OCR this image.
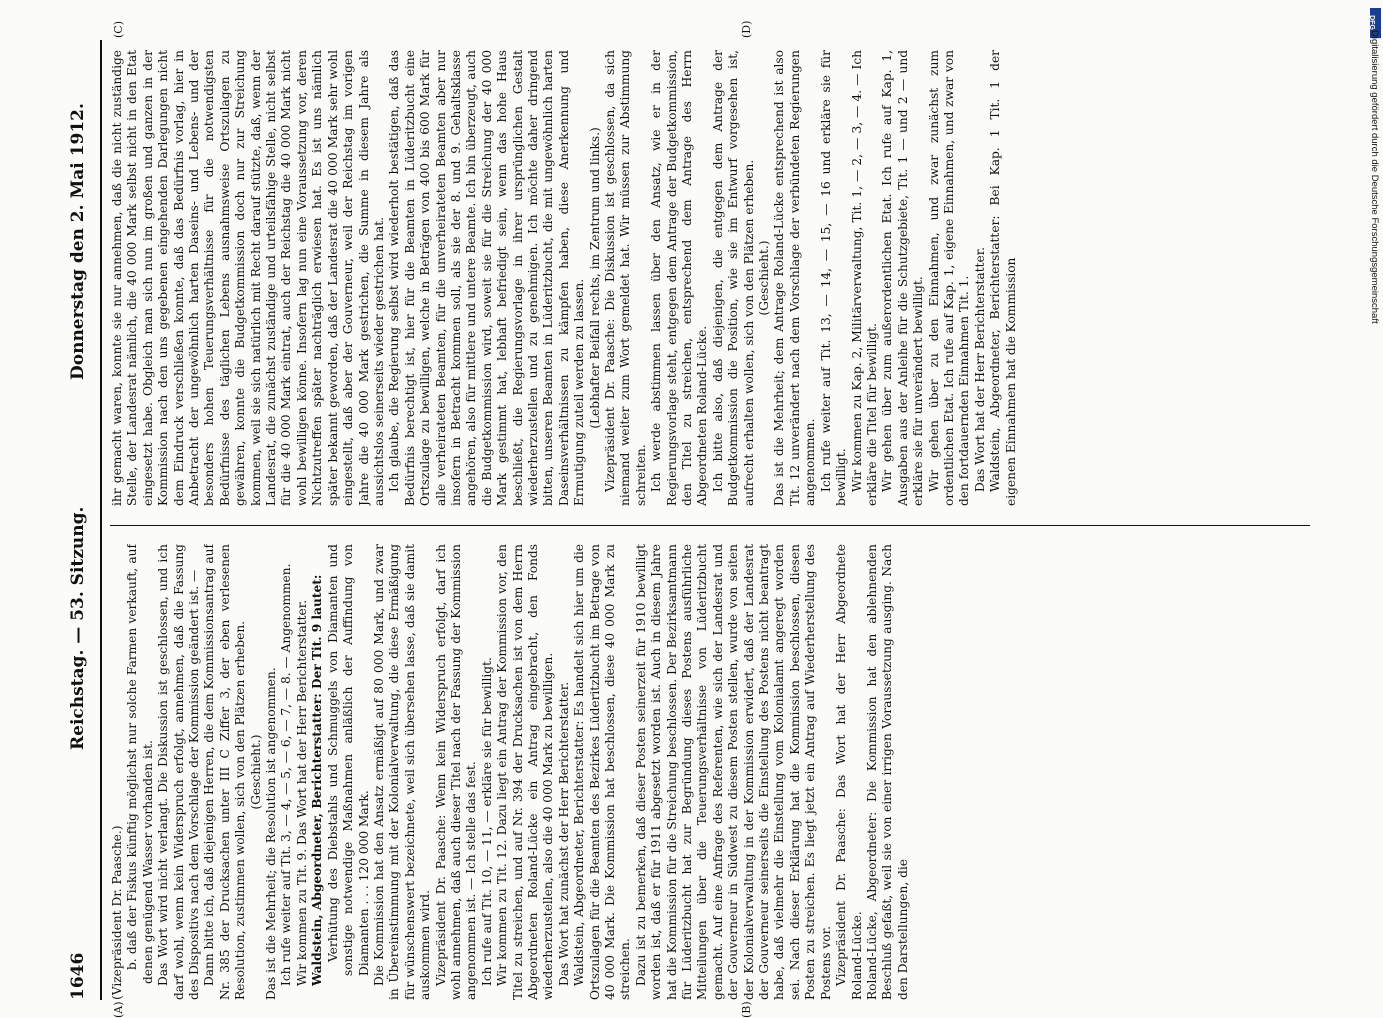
1646
Reichstag. — 53. Sitzung.
Donnerstag den 2. Mai 1912.

(Vizepräsident Dr. Paasche.) b. daß der Fiskus künftig möglichst nur solche Farmen verkauft, auf denen genügend Wasser vorhanden ist. Das Wort wird nicht verlangt. Die Diskussion ist geschlossen, und ich darf wohl, wenn kein Widerspruch erfolgt, annehmen, daß die Fassung des Dispositivs nach dem Vorschlage der Kommission geändert ist. — Dann bitte ich, daß diejenigen Herren, die dem Kommissionsantrag auf Nr. 385 der Drucksachen unter III C Ziffer 3, der eben verlesenen Resolution, zustimmen wollen, sich von den Plätzen erheben. (Geschieht.) Das ist die Mehrheit; die Resolution ist angenommen. Ich rufe weiter auf Tit. 3, — 4, — 5, — 6, — 7, — 8. — Angenommen. Wir kommen zu Tit. 9. Das Wort hat der Herr Berichterstatter. Waldstein, Abgeordneter, Berichterstatter: Der Tit. 9 lautet: Verhütung des Diebstahls und Schmuggels von Diamanten und sonstige notwendige Maßnahmen anläßlich der Auffindung von Diamanten . . . 120 000 Mark. Die Kommission hat den Ansatz ermäßigt auf 80 000 Mark, und zwar in Übereinstimmung mit der Kolonialverwaltung, die diese Ermäßigung für wünschenswert bezeichnete, weil sich übersehen lasse, daß sie damit auskommen wird. Vizepräsident Dr. Paasche: Wenn kein Widerspruch erfolgt, darf ich wohl annehmen, daß auch dieser Titel nach der Fassung der Kommission angenommen ist. — Ich stelle das fest. Ich rufe auf Tit. 10, — 11, — erkläre sie für bewilligt. Wir kommen zu Tit. 12. Dazu liegt ein Antrag der Kommission vor, den Titel zu streichen, und auf Nr. 394 der Drucksachen ist von dem Herrn Abgeordneten Roland-Lücke ein Antrag eingebracht, den Fonds wiederherzustellen, also die 40 000 Mark zu bewilligen. Das Wort hat zunächst der Herr Berichterstatter. Waldstein, Abgeordneter, Berichterstatter: Es handelt sich hier um die Ortszulagen für die Beamten des Bezirkes Lüderitzbucht im Betrage von 40 000 Mark. Die Kommission hat beschlossen, diese 40 000 Mark zu streichen. Dazu ist zu bemerken, daß dieser Posten seinerzeit für 1910 bewilligt worden ist, daß er für 1911 abgesetzt worden ist. Auch in diesem Jahre hat die Kommission für die Streichung beschlossen. Der Bezirksamtmann für Lüderitzbucht hat zur Begründung dieses Postens ausführliche Mitteilungen über die Teuerungsverhältnisse von Lüderitzbucht gemacht. Auf eine Anfrage des Referenten, wie sich der Landesrat und der Gouverneur in Südwest zu diesem Posten stellen, wurde von seiten der Kolonialverwaltung in der Kommission erwidert, daß der Landesrat der Gouverneur seinerseits die Einstellung des Postens nicht beantragt habe, daß vielmehr die Einstellung vom Kolonialamt angeregt worden sei. Nach dieser Erklärung hat die Kommission beschlossen, diesen Posten zu streichen. Es liegt jetzt ein Antrag auf Wiederherstellung des Postens vor. Vizepräsident Dr. Paasche: Das Wort hat der Herr Abgeordnete Roland-Lücke. Roland-Lücke, Abgeordneter: Die Kommission hat den ablehnenden Beschluß gefaßt, weil sie von einer irrigen Voraussetzung ausging. Nach den Darstellungen, die

ihr gemacht waren, konnte sie nur annehmen, daß die nicht zuständige Stelle, der Landesrat nämlich, die 40 000 Mark selbst nicht in den Etat eingesetzt habe. Obgleich man sich nun im großen und ganzen in der Kommission nach den uns gegebenen eingehenden Darlegungen nicht dem Eindruck verschließen konnte, daß das Bedürfnis vorlag, hier in Anbetracht der ungewöhnlich harten Daseins- und Lebens- und der besonders hohen Teuerungsverhältnisse für die notwendigsten Bedürfnisse des täglichen Lebens ausnahmsweise Ortszulagen zu gewähren, konnte die Budgetkommission doch nur zur Streichung kommen, weil sie sich natürlich mit Recht darauf stützte, daß, wenn der Landesrat, die zunächst zuständige und urteilsfähige Stelle, nicht selbst für die 40 000 Mark eintrat, auch der Reichstag die 40 000 Mark nicht wohl bewilligen könne. Insofern lag nun eine Voraussetzung vor, deren Nichtzutreffen später nachträglich erwiesen hat. Es ist uns nämlich später bekannt geworden, daß der Landesrat die 40 000 Mark sehr wohl eingestellt, daß aber der Gouverneur, weil der Reichstag im vorigen Jahre die 40 000 Mark gestrichen, die Summe in diesem Jahre als aussichtslos seinerseits wieder gestrichen hat. Ich glaube, die Regierung selbst wird wiederholt bestätigen, daß das Bedürfnis berechtigt ist, hier für die Beamten in Lüderitzbucht eine Ortszulage zu bewilligen, welche in Beträgen von 400 bis 600 Mark für alle verheirateten Beamten, für die unverheirateten Beamten aber nur insofern in Betracht kommen soll, als sie der 8. und 9. Gehaltsklasse angehören, also für mittlere und untere Beamte. Ich bin überzeugt, auch die Budgetkommission wird, soweit sie für die Streichung der 40 000 Mark gestimmt hat, lebhaft befriedigt sein, wenn das hohe Haus beschließt, die Regierungsvorlage in ihrer ursprünglichen Gestalt wiederherzustellen und zu genehmigen. Ich möchte daher dringend bitten, unseren Beamten in Lüderitzbucht, die mit ungewöhnlich harten Daseinsverhältnissen zu kämpfen haben, diese Anerkennung und Ermutigung zuteil werden zu lassen. (Lebhafter Beifall rechts, im Zentrum und links.) Vizepräsident Dr. Paasche: Die Diskussion ist geschlossen, da sich niemand weiter zum Wort gemeldet hat. Wir müssen zur Abstimmung schreiten. Ich werde abstimmen lassen über den Ansatz, wie er in der Regierungsvorlage steht, entgegen dem Antrage der Budgetkommission, den Titel zu streichen, entsprechend dem Antrage des Herrn Abgeordneten Roland-Lücke. Ich bitte also, daß diejenigen, die entgegen dem Antrage der Budgetkommission die Position, wie sie im Entwurf vorgesehen ist, aufrecht erhalten wollen, sich von den Plätzen erheben. (Geschieht.) Das ist die Mehrheit; dem Antrage Roland-Lücke entsprechend ist also Tit. 12 unverändert nach dem Vorschlage der verbündeten Regierungen angenommen. Ich rufe weiter auf Tit. 13, — 14, — 15, — 16 und erkläre sie für bewilligt. Wir kommen zu Kap. 2, Militärverwaltung, Tit. 1, — 2, — 3, — 4. — Ich erkläre die Titel für bewilligt. Wir gehen über zum außerordentlichen Etat. Ich rufe auf Kap. 1, Ausgaben aus der Anleihe für die Schutzgebiete, Tit. 1 — und 2 — und erkläre sie für unverändert bewilligt. Wir gehen über zu den Einnahmen, und zwar zunächst zum ordentlichen Etat. Ich rufe auf Kap. 1, eigene Einnahmen, und zwar von den fortdauernden Einnahmen Tit. 1. Das Wort hat der Herr Berichterstatter. Waldstein, Abgeordneter, Berichterstatter: Bei Kap. 1 Tit. 1 der eigenen Einnahmen hat die Kommission

(A)	(B)
(C)	(D)	DFG
Digitalisierung gefördert durch die Deutsche Forschungsgemeinschaft
